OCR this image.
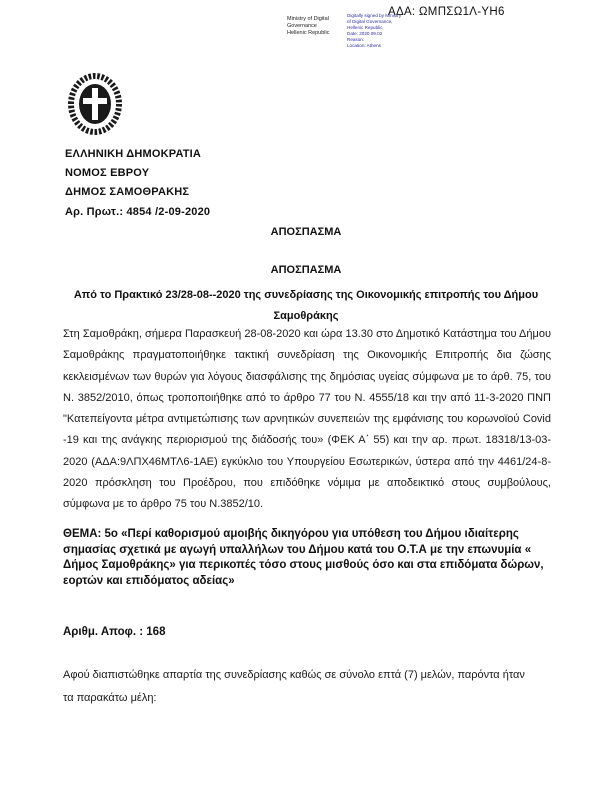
ΑΔΑ: ΩΜΠΣΩ1Λ-ΥΗ6
Ministry of Digital
Governance
Hellenic Republic
Digitally signed by Ministry
of Digital Governance,
Hellenic Republic
Date: 2020.09.02
Reason:
Location: Athens
ΕΛΛΗΝΙΚΗ ΔΗΜΟΚΡΑΤΙΑ
ΝΟΜΟΣ ΕΒΡΟΥ
ΔΗΜΟΣ ΣΑΜΟΘΡΑΚΗΣ
Αρ. Πρωτ.: 4854 /2-09-2020
ΑΠΟΣΠΑΣΜΑ
ΑΠΟΣΠΑΣΜΑ
Από το Πρακτικό 23/28-08--2020 της συνεδρίασης της Οικονομικής επιτροπής του Δήμου Σαμοθράκης
Στη Σαμοθράκη, σήμερα Παρασκευή 28-08-2020 και ώρα 13.30 στο Δημοτικό Κατάστημα του Δήμου Σαμοθράκης πραγματοποιήθηκε τακτική συνεδρίαση της Οικονομικής Επιτροπής δια ζώσης κεκλεισμένων των θυρών για λόγους διασφάλισης της δημόσιας υγείας σύμφωνα με το άρθ. 75, του Ν. 3852/2010, όπως τροποποιήθηκε από το άρθρο 77 του Ν. 4555/18 και την από 11-3-2020 ΠΝΠ "Κατεπείγοντα μέτρα αντιμετώπισης των αρνητικών συνεπειών της εμφάνισης του κορωνοϊού Covid -19 και της ανάγκης περιορισμού της διάδοσής του» (ΦΕΚ Α΄ 55) και την αρ. πρωτ. 18318/13-03-2020 (ΑΔΑ:9ΛΠΧ46ΜΤΛ6-1ΑΕ) εγκύκλιο του Υπουργείου Εσωτερικών, ύστερα από την 4461/24-8-2020 πρόσκληση του Προέδρου, που επιδόθηκε νόμιμα με αποδεικτικό στους συμβούλους, σύμφωνα με το άρθρο 75 του Ν.3852/10.
ΘΕΜΑ: 5ο «Περί καθορισμού αμοιβής δικηγόρου για υπόθεση του Δήμου ιδιαίτερης σημασίας σχετικά με αγωγή υπαλλήλων του Δήμου κατά του Ο.Τ.Α με την επωνυμία « Δήμος Σαμοθράκης» για περικοπές τόσο στους μισθούς όσο και στα επιδόματα δώρων, εορτών και επιδόματος αδείας»
Αριθμ. Αποφ. : 168
Αφού διαπιστώθηκε απαρτία της συνεδρίασης καθώς σε σύνολο επτά (7) μελών, παρόντα ήταν
τα παρακάτω μέλη:
